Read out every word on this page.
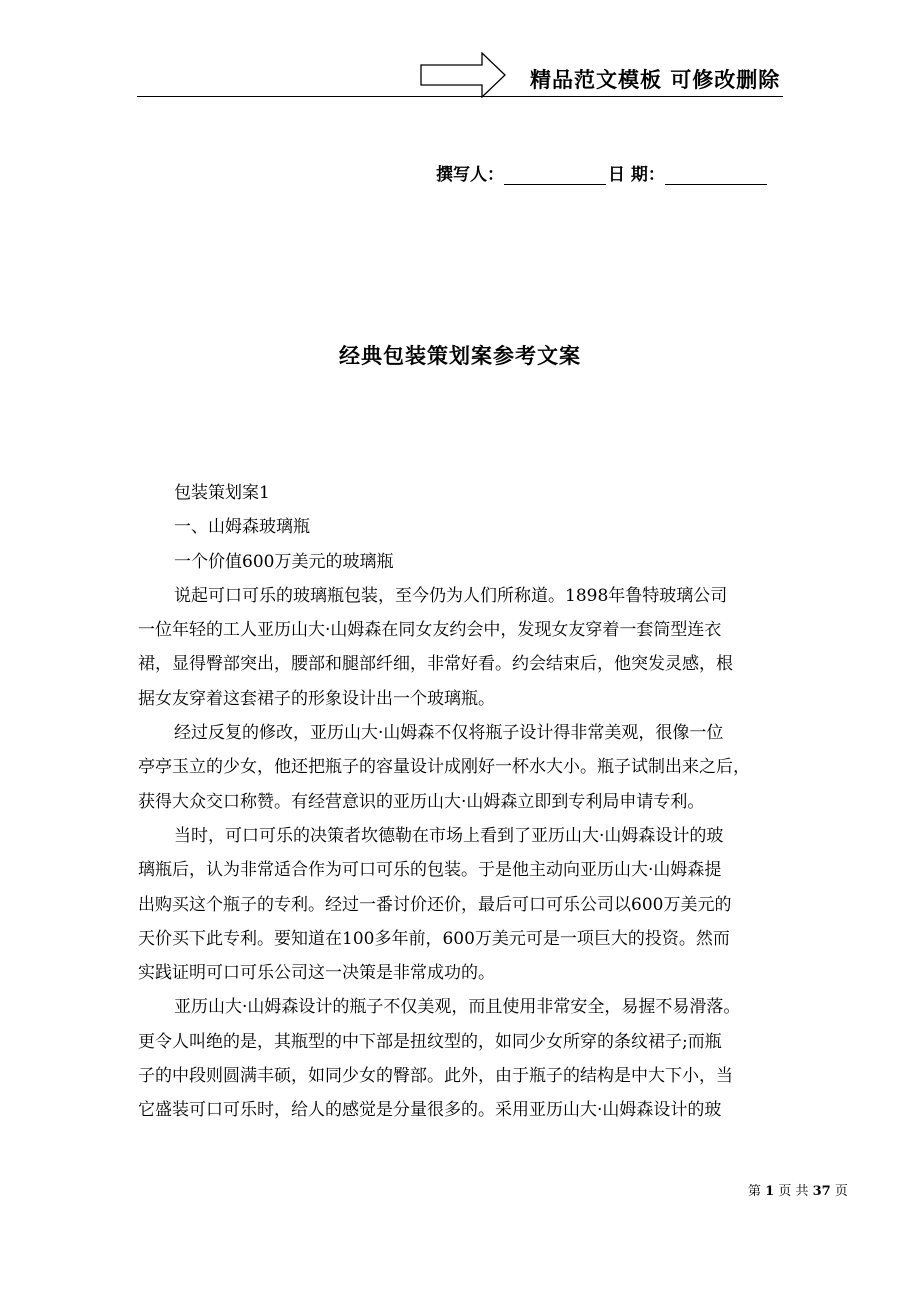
精品范文模板 可修改删除
撰写人：	日 期：
经典包装策划案参考文案
包装策划案1
一、山姆森玻璃瓶
一个价值600万美元的玻璃瓶
说起可口可乐的玻璃瓶包装，至今仍为人们所称道。1898年鲁特玻璃公司
一位年轻的工人亚历山大·山姆森在同女友约会中，发现女友穿着一套筒型连衣
裙，显得臀部突出，腰部和腿部纤细，非常好看。约会结束后，他突发灵感，根
据女友穿着这套裙子的形象设计出一个玻璃瓶。
经过反复的修改，亚历山大·山姆森不仅将瓶子设计得非常美观，很像一位
亭亭玉立的少女，他还把瓶子的容量设计成刚好一杯水大小。瓶子试制出来之后，
获得大众交口称赞。有经营意识的亚历山大·山姆森立即到专利局申请专利。
当时，可口可乐的决策者坎德勒在市场上看到了亚历山大·山姆森设计的玻
璃瓶后，认为非常适合作为可口可乐的包装。于是他主动向亚历山大·山姆森提
出购买这个瓶子的专利。经过一番讨价还价，最后可口可乐公司以600万美元的
天价买下此专利。要知道在100多年前，600万美元可是一项巨大的投资。然而
实践证明可口可乐公司这一决策是非常成功的。
亚历山大·山姆森设计的瓶子不仅美观，而且使用非常安全，易握不易滑落。
更令人叫绝的是，其瓶型的中下部是扭纹型的，如同少女所穿的条纹裙子;而瓶
子的中段则圆满丰硕，如同少女的臀部。此外，由于瓶子的结构是中大下小，当
它盛装可口可乐时，给人的感觉是分量很多的。采用亚历山大·山姆森设计的玻
第 1 页 共 37 页
